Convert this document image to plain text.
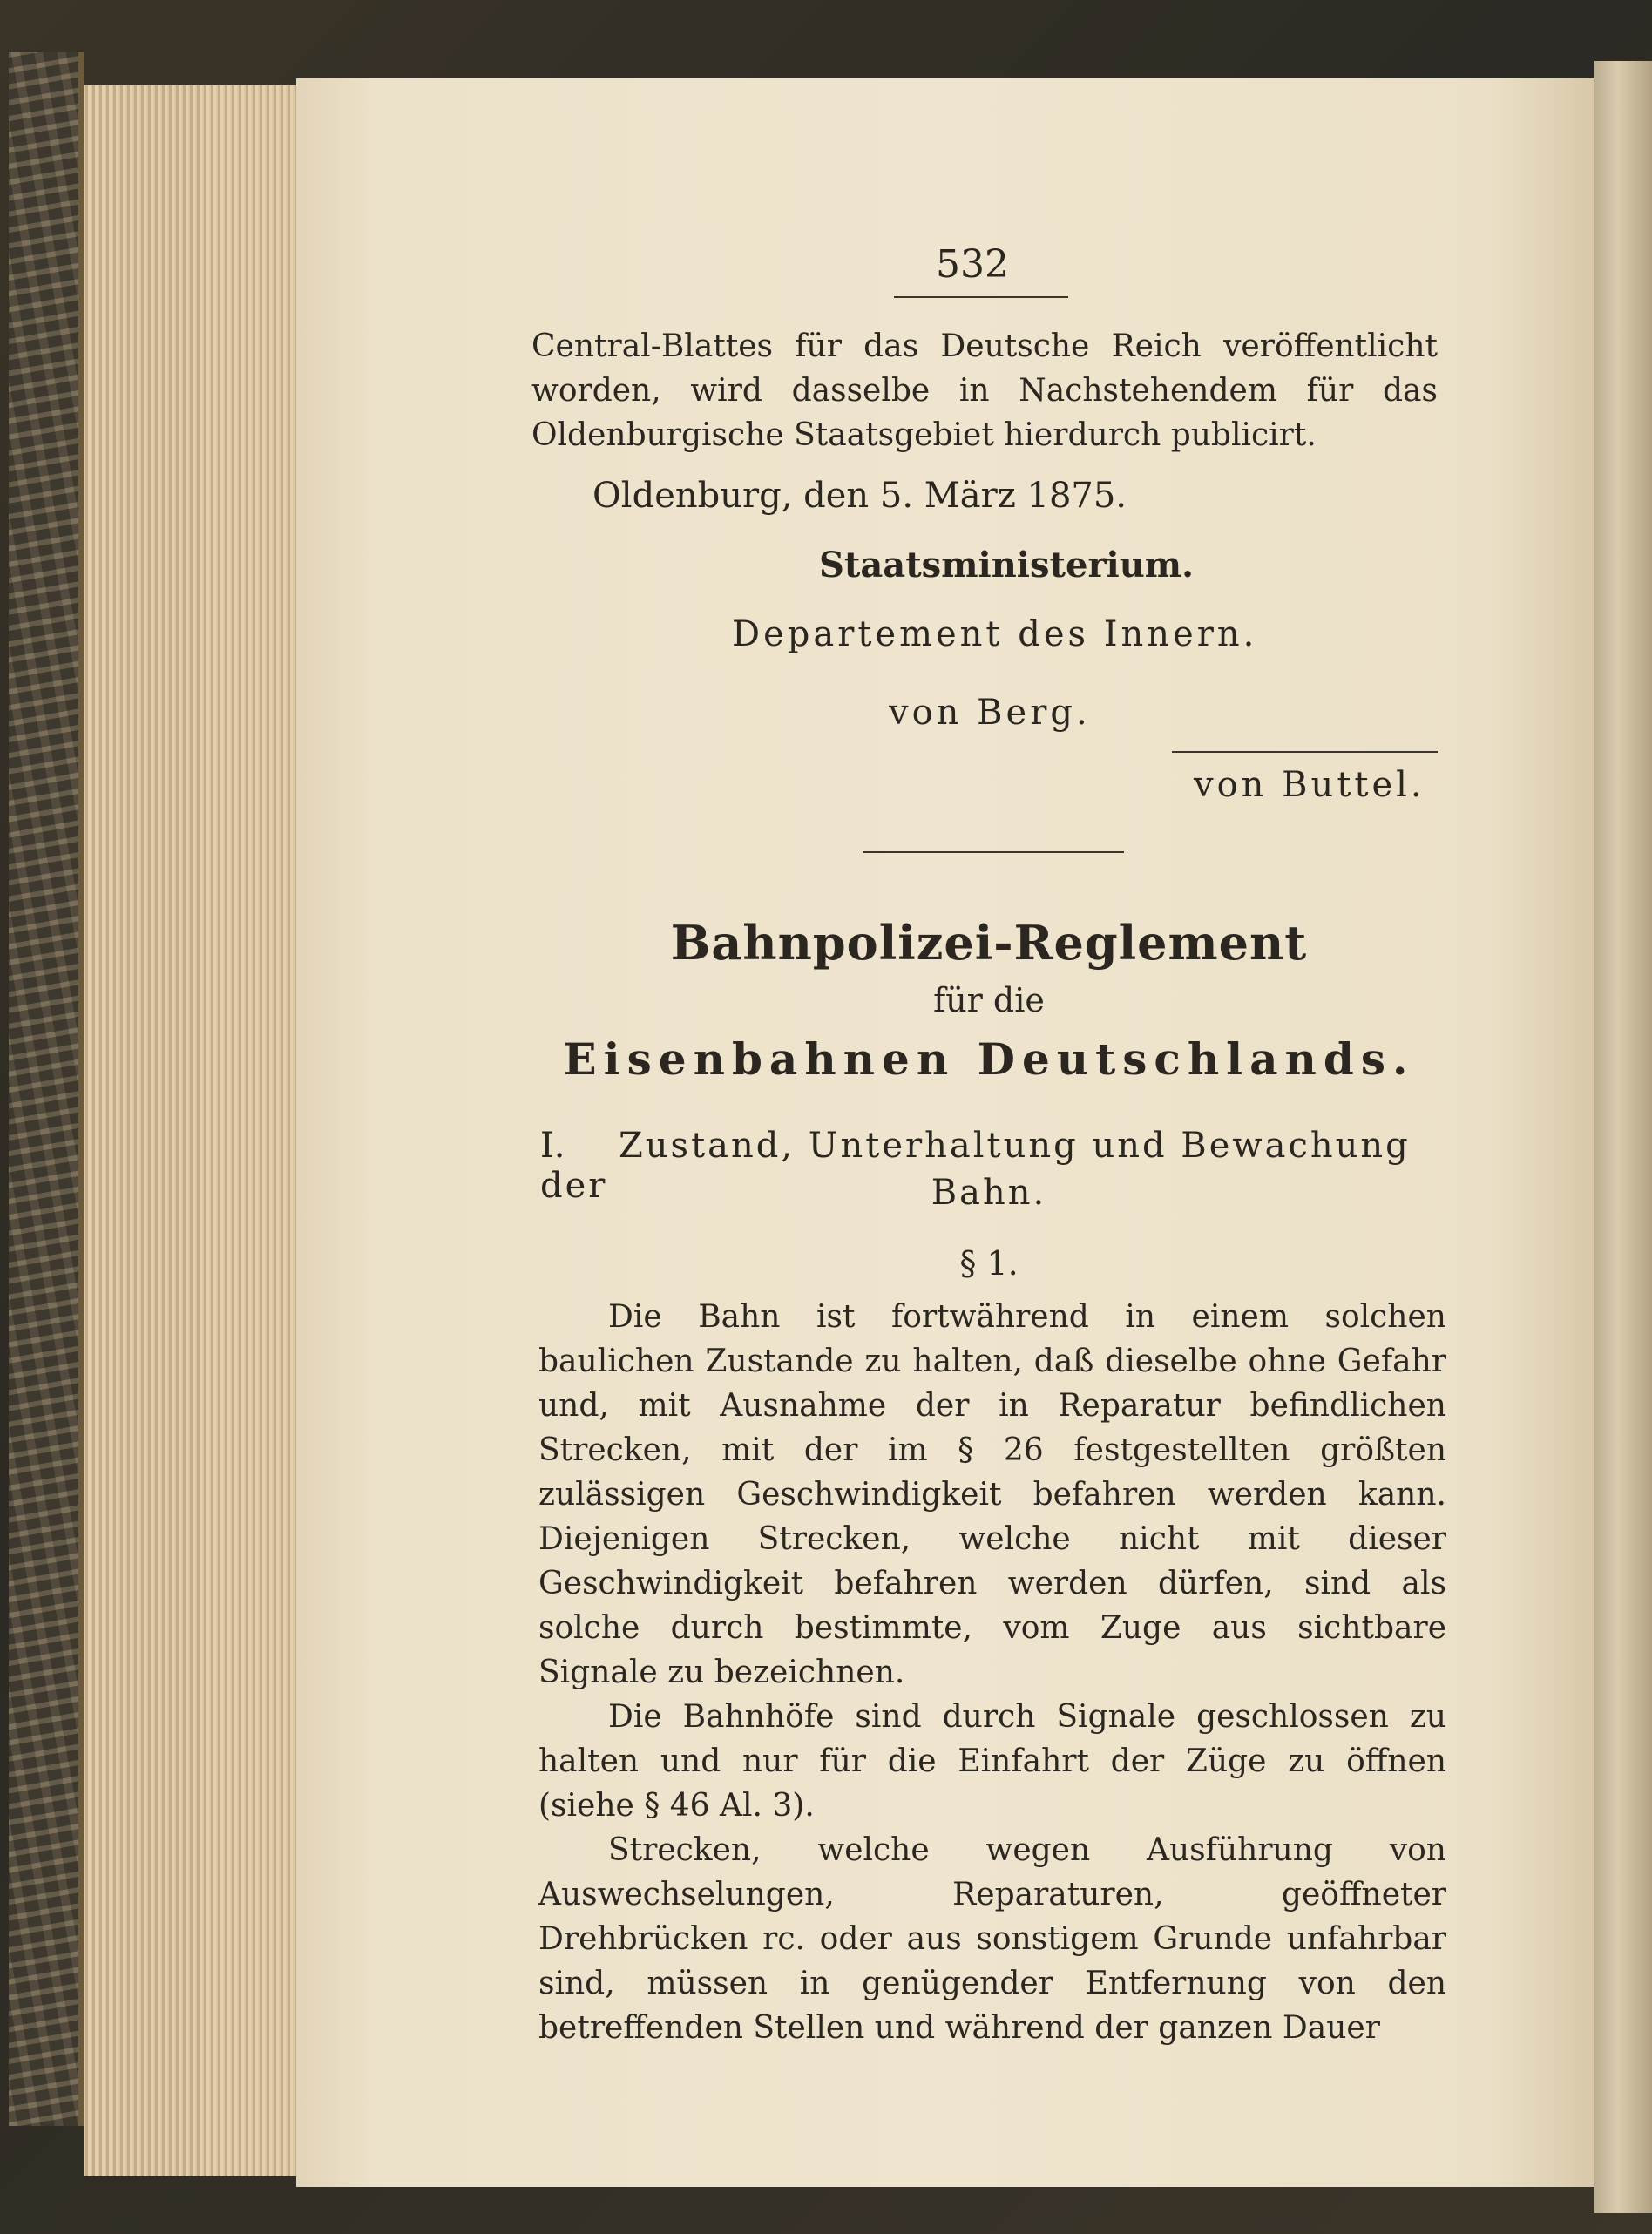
532
Central-Blattes für das Deutsche Reich veröffentlicht worden, wird dasselbe in Nachstehendem für das Oldenburgische Staatsgebiet hierdurch publicirt.
Oldenburg, den 5. März 1875.
Staatsministerium.
Departement des Innern.
von Berg.
von Buttel.
Bahnpolizei-Reglement
für die
Eisenbahnen Deutschlands.
I. Zustand, Unterhaltung und Bewachung der	Bahn.
§ 1.

Die Bahn ist fortwährend in einem solchen baulichen Zustande zu halten, daß dieselbe ohne Gefahr und, mit Ausnahme der in Reparatur befindlichen Strecken, mit der im § 26 festgestellten größten zulässigen Geschwindigkeit befahren werden kann. Diejenigen Strecken, welche nicht mit dieser Geschwindigkeit befahren werden dürfen, sind als solche durch bestimmte, vom Zuge aus sichtbare Signale zu bezeichnen.

Die Bahnhöfe sind durch Signale geschlossen zu halten und nur für die Einfahrt der Züge zu öffnen (siehe § 46 Al. 3).

Strecken, welche wegen Ausführung von Auswechselungen, Reparaturen, geöffneter Drehbrücken rc. oder aus sonstigem Grunde unfahrbar sind, müssen in genügender Entfernung von den betreffenden Stellen und während der ganzen Dauer
